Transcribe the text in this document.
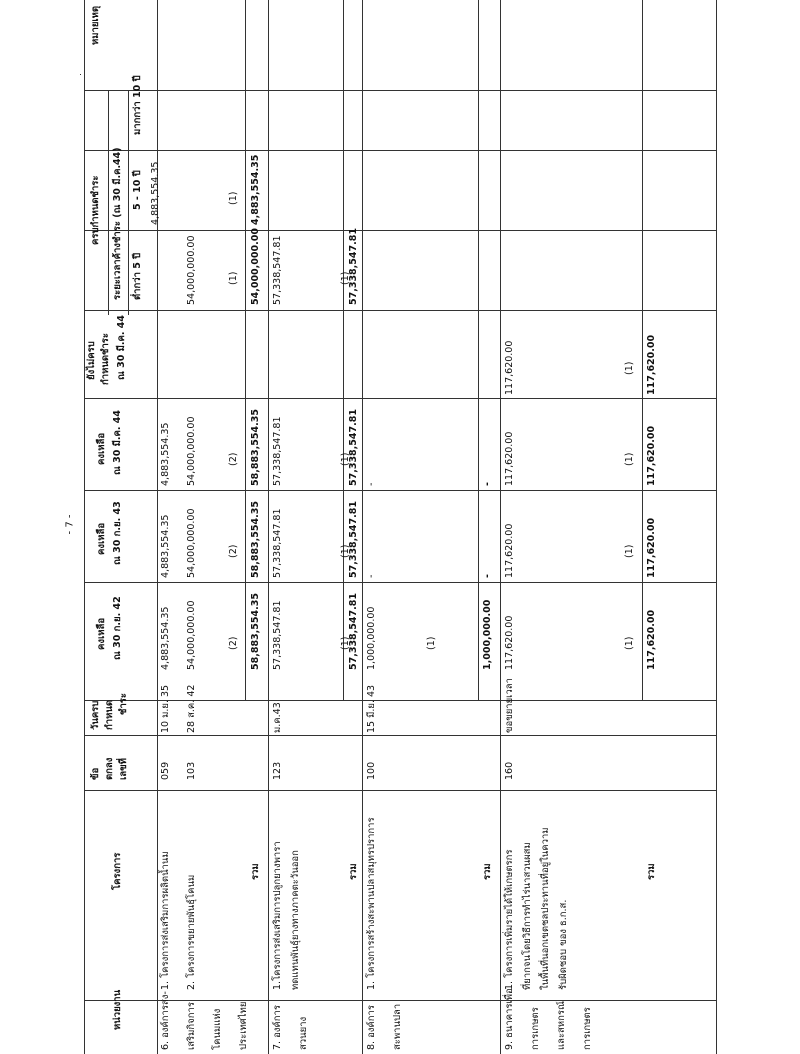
- 7 -
หน่วยงาน
โครงการ
ข้อ ตกลง เลขที่
วันครบ กำหนด ชำระ
คงเหลือ ณ 30 ก.ย. 42
คงเหลือ ณ 30 ก.ย. 43
คงเหลือ ณ 30 มี.ค. 44
ยังไม่ครบ กำหนดชำระ ณ 30 มี.ค. 44
ครบกำหนดชำระ ระยะเวลาค้างชำระ (ณ 30 มี.ค.44) ต่ำกว่า 5 ปี
5 - 10 ปี
มากกว่า 10 ปี
หมายเหตุ
6. องค์การส่ง- เสริมกิจการ โคนมแห่ง ประเทศไทย
1. โครงการส่งเสริมการผลิตน้ำนม
059
10 ม.ย. 35
4,883,554.35
4,883,554.35
4,883,554.35
4,883,554.35
2. โครงการขยายพันธุ์โคนม
103
28 ส.ค. 42
54,000,000.00
54,000,000.00
54,000,000.00
54,000,000.00
(2)
(2)
(2)
(1)
(1)
รวม
58,883,554.35
58,883,554.35
58,883,554.35
54,000,000.00
4,883,554.35
7. องค์การ สวนยาง
1.โครงการส่งเสริมการปลูกยางพารา ทดแทนพันธุ์ยางทางภาคตะวันออก
123
ม.ค.43
57,338,547.81
57,338,547.81
57,338,547.81
57,338,547.81
(1)
(1)
(1)
(1)
รวม
57,338,547.81
57,338,547.81
57,338,547.81
57,338,547.81
8. องค์การ สะพานปลา
1. โครงการสร้างสะพานปลาสมุทรปราการ
100
15 มี.ย. 43
1,000,000.00
-
-
(1)
รวม
1,000,000.00
-
-
9. ธนาคารเพื่อ การเกษตร และสหกรณ์ การเกษตร
1. โครงการเพิ่มรายได้ให้เกษตรกร ที่ยากจนโดยวิธีการทำไร่นาสวนผสม ในพื้นที่นอกเขตชลประทานที่อยู่ในความ รับผิดชอบ ของ ธ.ก.ส.
160
ขอขยายเวลา
117,620.00
117,620.00
117,620.00
117,620.00
(1)
(1)
(1)
(1)
รวม
117,620.00
117,620.00
117,620.00
117,620.00
